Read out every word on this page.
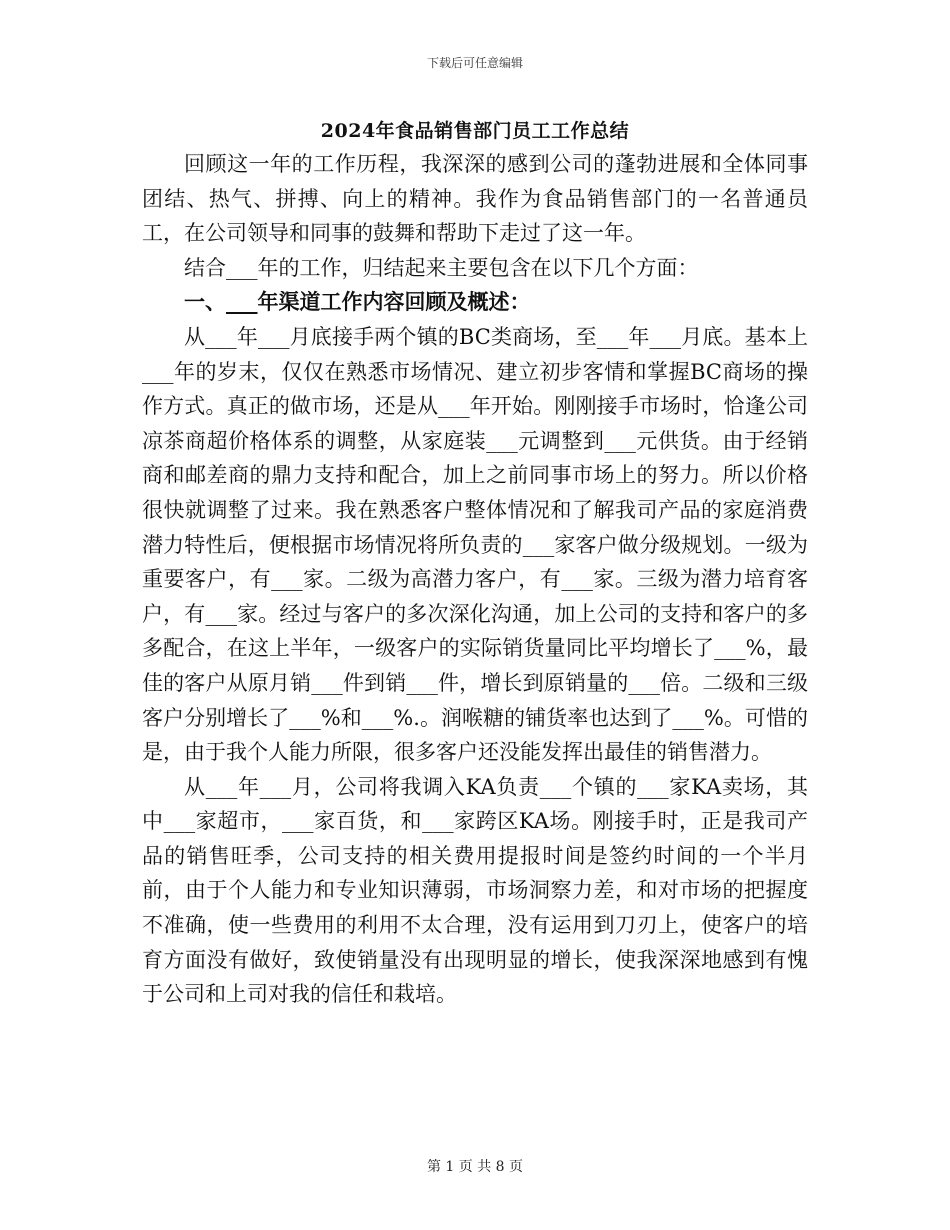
下载后可任意编辑
2024年食品销售部门员工工作总结

回顾这一年的工作历程，我深深的感到公司的蓬勃进展和全体同事团结、热气、拼搏、向上的精神。我作为食品销售部门的一名普通员工，在公司领导和同事的鼓舞和帮助下走过了这一年。

结合___年的工作，归结起来主要包含在以下几个方面：

一、___年渠道工作内容回顾及概述：

从___年___月底接手两个镇的BC类商场，至___年___月底。基本上___年的岁末，仅仅在熟悉市场情况、建立初步客情和掌握BC商场的操作方式。真正的做市场，还是从___年开始。刚刚接手市场时，恰逢公司凉茶商超价格体系的调整，从家庭装___元调整到___元供货。由于经销商和邮差商的鼎力支持和配合，加上之前同事市场上的努力。所以价格很快就调整了过来。我在熟悉客户整体情况和了解我司产品的家庭消费潜力特性后，便根据市场情况将所负责的___家客户做分级规划。一级为重要客户，有___家。二级为高潜力客户，有___家。三级为潜力培育客户，有___家。经过与客户的多次深化沟通，加上公司的支持和客户的多多配合，在这上半年，一级客户的实际销货量同比平均增长了___%，最佳的客户从原月销___件到销___件，增长到原销量的___倍。二级和三级客户分别增长了___%和___%.。润喉糖的铺货率也达到了___%。可惜的是，由于我个人能力所限，很多客户还没能发挥出最佳的销售潜力。

从___年___月，公司将我调入KA负责___个镇的___家KA卖场，其中___家超市，___家百货，和___家跨区KA场。刚接手时，正是我司产品的销售旺季，公司支持的相关费用提报时间是签约时间的一个半月前，由于个人能力和专业知识薄弱，市场洞察力差，和对市场的把握度不准确，使一些费用的利用不太合理，没有运用到刀刃上，使客户的培育方面没有做好，致使销量没有出现明显的增长，使我深深地感到有愧于公司和上司对我的信任和栽培。

第 1 页 共 8 页
